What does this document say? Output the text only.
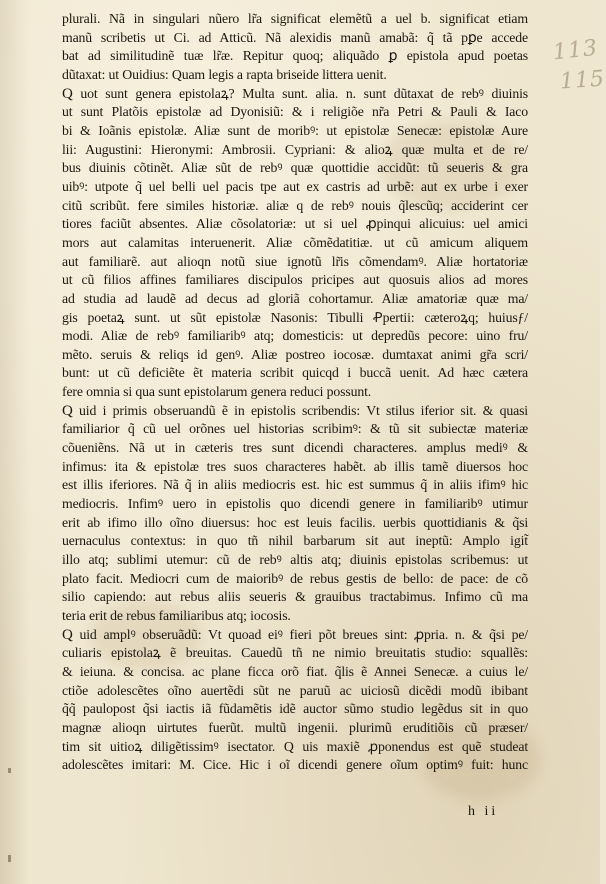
plurali. Nã in singulari nũero lr̃a significat elemẽtũ a uel b. significat etiam
manũ scribetis ut Ci. ad Atticũ. Nã alexidis manũ amabã: q̃ tã pꝑe accede
bat ad similitudinẽ tuæ lr̃æ. Repitur quoq; aliquãdo ꝑ epistola apud poetas
dũtaxat: ut Ouidius: Quam legis a rapta briseide littera uenit.
Q uot sunt genera epistolaꝝ? Multa sunt. alia. n. sunt dũtaxat de rebꝰ diuinis
ut sunt Platõis epistolæ ad Dyonisiũ: & i religiõe nr̃a Petri & Pauli & Iaco
bi & Ioãnis epistolæ. Aliæ sunt de moribꝰ: ut epistolæ Senecæ: epistolæ Aure
lii: Augustini: Hieronymi: Ambrosii. Cypriani: & alioꝝ quæ multa et de re/
bus diuinis cõtinẽt. Aliæ sũt de rebꝰ quæ quottidie accidũt: tũ seueris & gra
uibꝰ: utpote q̃ uel belli uel pacis tpe aut ex castris ad urbẽ: aut ex urbe i exer
citũ scribũt. fere similes historiæ. aliæ q de rebꝰ nouis q̃lescũq; acciderint cer
tiores faciũt absentes. Aliæ cõsolatoriæ: ut si uel ꝓpinqui alicuius: uel amici
mors aut calamitas interuenerit. Aliæ cõmẽdatitiæ. ut cũ amicum aliquem
aut familiarẽ. aut alioqn notũ siue ignotũ lr̃is cõmendamꝰ. Aliæ hortatoriæ
ut cũ filios affines familiares discipulos pricipes aut quosuis alios ad mores
ad studia ad laudẽ ad decus ad gloriã cohortamur. Aliæ amatoriæ quæ ma/
gis poetaꝝ sunt. ut sũt epistolæ Nasonis: Tibulli Ꝓpertii: cæteroꝝq; huiusƒ/
modi. Aliæ de rebꝰ familiaribꝰ atq; domesticis: ut depredũs pecore: uino fru/
mẽto. seruis & reliqs id genꝰ. Aliæ postreo iocosæ. dumtaxat animi gr̃a scri/
bunt: ut cũ deficiẽte ẽt materia scribit quicqd i buccã uenit. Ad hæc cætera
fere omnia si qua sunt epistolarum genera reduci possunt.
Q uid i primis obseruandũ ẽ in epistolis scribendis: Vt stilus iferior sit. & quasi
familiarior q̃ cũ uel orõnes uel historias scribimꝰ: & tũ sit subiectæ materiæ
cõueniẽns. Nã ut in cæteris tres sunt dicendi characteres. amplus mediꝰ &
infimus: ita & epistolæ tres suos characteres habẽt. ab illis tamẽ diuersos hoc
est illis iferiores. Nã q̃ in aliis mediocris est. hic est summus q̃ in aliis ifimꝰ hic
mediocris. Infimꝰ uero in epistolis quo dicendi genere in familiaribꝰ utimur
erit ab ifimo illo oĩno diuersus: hoc est leuis facilis. uerbis quottidianis & q̃si
uernaculus contextus: in quo tñ nihil barbarum sit aut ineptũ: Amplo igit̃
illo atq; sublimi utemur: cũ de rebꝰ altis atq; diuinis epistolas scribemus: ut
plato facit. Mediocri cum de maioribꝰ de rebus gestis de bello: de pace: de cõ
silio capiendo: aut rebus aliis seueris & grauibus tractabimus. Infimo cũ ma
teria erit de rebus familiaribus atq; iocosis.
Q uid amplꝰ obseruãdũ: Vt quoad eiꝰ fieri põt breues sint: ꝓpria. n. & q̃si pe/
culiaris epistolaꝝ ẽ breuitas. Cauedũ tñ ne nimio breuitatis studio: squallẽs:
& ieiuna. & concisa. ac plane ficca orõ fiat. q̃lis ẽ Annei Senecæ. a cuius le/
ctiõe adolescẽtes oĩno auertẽdi sũt ne paruũ ac uiciosũ dicẽdi modũ ibibant
q̃q̃ paulopost q̃si iactis iã fũdamẽtis idẽ auctor sũmo studio legẽdus sit in quo
magnæ alioqn uirtutes fuerũt. multũ ingenii. plurimũ eruditiõis cũ præser/
tim sit uitioꝝ diligẽtissimꝰ isectator. Q uis maxiẽ ꝓponendus est quẽ studeat
adolescẽtes imitari: M. Cice. Hic i oĩ dicendi genere oĩum optimꝰ fuit: hunc
113
115
h ii
